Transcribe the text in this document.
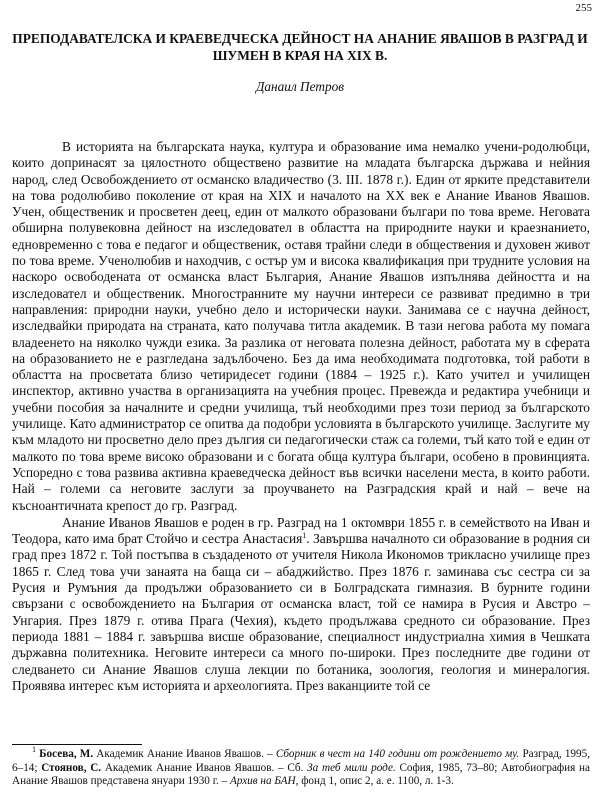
255
ПРЕПОДАВАТЕЛСКА И КРАЕВЕДЧЕСКА ДЕЙНОСТ НА АНАНИЕ ЯВАШОВ В РАЗГРАД И ШУМЕН В КРАЯ НА XIX В.

Данаил Петров

В историята на българската наука, култура и образование има немалко учени-родолюбци, които допринасят за цялостното обществено развитие на младата българска държава и нейния народ, след Освобождението от османско владичество (3. III. 1878 г.). Един от ярките представители на това родолюбиво поколение от края на XIX и началото на XX век е Анание Иванов Явашов. Учен, общественик и просветен деец, един от малкото образовани българи по това време. Неговата обширна полувековна дейност на изследовател в областта на природните науки и краезнанието, едновременно с това е педагог и общественик, оставя трайни следи в обществения и духовен живот по това време. Ученолюбив и находчив, с остър ум и висока квалификация при трудните условия на наскоро освободената от османска власт България, Анание Явашов изпълнява дейността и на изследовател и общественик. Многостранните му научни интереси се развиват предимно в три направления: природни науки, учебно дело и исторически науки. Занимава се с научна дейност, изследвайки природата на страната, като получава титла академик. В тази негова работа му помага владеенето на няколко чужди езика. За разлика от неговата полезна дейност, работата му в сферата на образованието не е разгледана задълбочено. Без да има необходимата подготовка, той работи в областта на просветата близо четиридесет години (1884 – 1925 г.). Като учител и училищен инспектор, активно участва в организацията на учебния процес. Превежда и редактира учебници и учебни пособия за началните и средни училища, тъй необходими през този период за българското училище. Като администратор се опитва да подобри условията в българското училище. Заслугите му към младото ни просветно дело през дългия си педагогически стаж са големи, тъй като той е един от малкото по това време високо образовани и с богата обща култура българи, особено в провинцията. Успоредно с това развива активна краеведческа дейност във всички населени места, в които работи. Най – големи са неговите заслуги за проучването на Разградския край и най – вече на късноантичната крепост до гр. Разград.

Анание Иванов Явашов е роден в гр. Разград на 1 октомври 1855 г. в семейството на Иван и Теодора, като има брат Стойчо и сестра Анастасия$^1$. Завършва началното си образование в родния си град през 1872 г. Той постъпва в създаденото от учителя Никола Икономов трикласно училище през 1865 г. След това учи занаята на баща си – абаджийство. През 1876 г. заминава със сестра си за Русия и Румъния да продължи образованието си в Болградската гимназия. В бурните години свързани с освобождението на България от османска власт, той се намира в Русия и Австро – Унгария. През 1879 г. отива Прага (Чехия), където продължава средното си образование. През периода 1881 – 1884 г. завършва висше образование, специалност индустриална химия в Чешката държавна политехника. Неговите интереси са много по-широки. През последните две години от следването си Анание Явашов слуша лекции по ботаника, зоология, геология и минералогия. Проявява интерес към историята и археологията. През ваканциите той се

$^1$ Босева, М. Академик Анание Иванов Явашов. – Сборник в чест на 140 години от рождението му. Разград, 1995, 6–14; Стоянов, С. Академик Анание Иванов Явашов. – Сб. За теб мили роде. София, 1985, 73–80; Автобиография на Анание Явашов представена януари 1930 г. – Архив на БАН, фонд 1, опис 2, а. е. 1100, л. 1-3.
